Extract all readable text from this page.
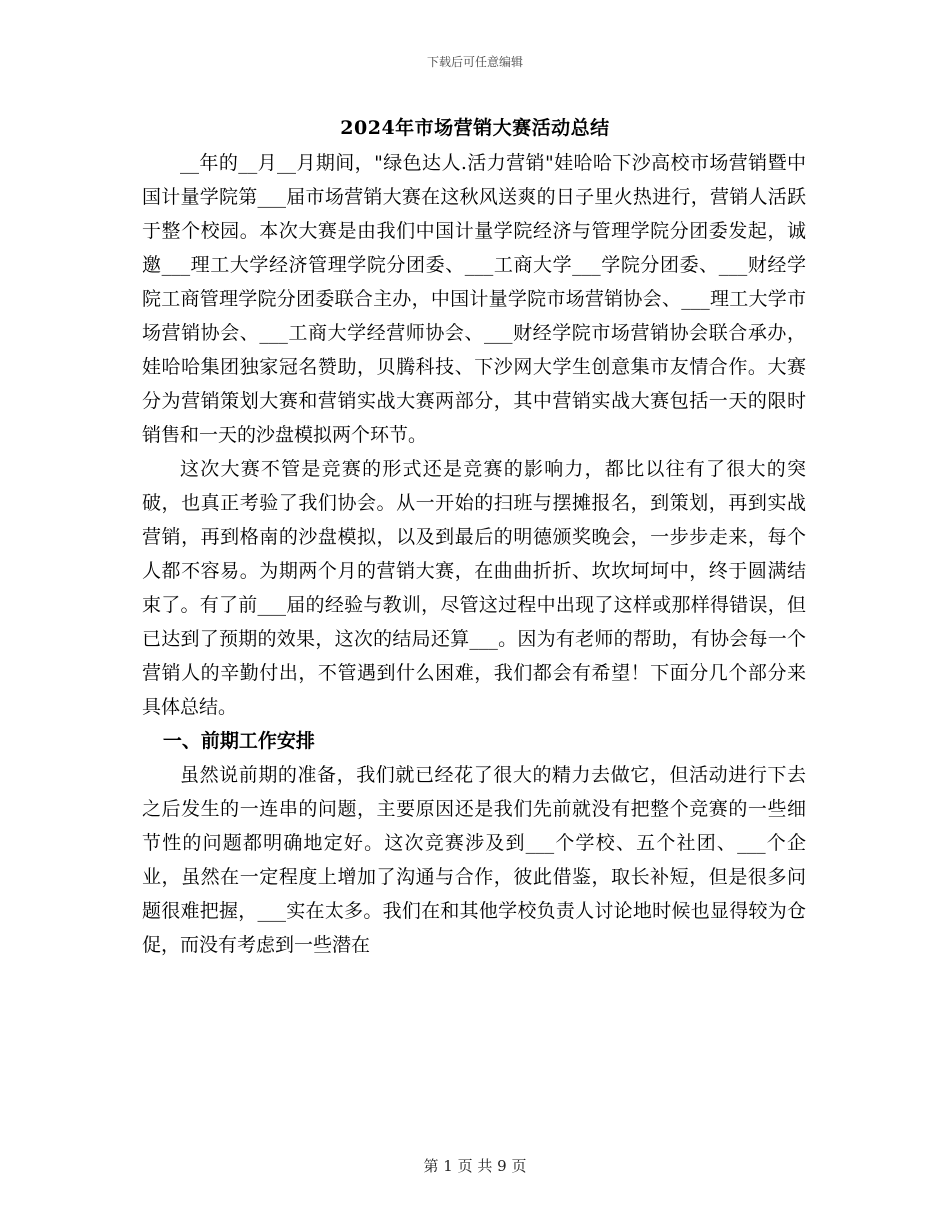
下载后可任意编辑
2024年市场营销大赛活动总结

__年的__月__月期间，"绿色达人.活力营销"娃哈哈下沙高校市场营销暨中国计量学院第___届市场营销大赛在这秋风送爽的日子里火热进行，营销人活跃于整个校园。本次大赛是由我们中国计量学院经济与管理学院分团委发起，诚邀___理工大学经济管理学院分团委、___工商大学___学院分团委、___财经学院工商管理学院分团委联合主办，中国计量学院市场营销协会、___理工大学市场营销协会、___工商大学经营师协会、___财经学院市场营销协会联合承办，娃哈哈集团独家冠名赞助，贝腾科技、下沙网大学生创意集市友情合作。大赛分为营销策划大赛和营销实战大赛两部分，其中营销实战大赛包括一天的限时销售和一天的沙盘模拟两个环节。

这次大赛不管是竞赛的形式还是竞赛的影响力，都比以往有了很大的突破，也真正考验了我们协会。从一开始的扫班与摆摊报名，到策划，再到实战营销，再到格南的沙盘模拟，以及到最后的明德颁奖晚会，一步步走来，每个人都不容易。为期两个月的营销大赛，在曲曲折折、坎坎坷坷中，终于圆满结束了。有了前___届的经验与教训，尽管这过程中出现了这样或那样得错误，但已达到了预期的效果，这次的结局还算___。因为有老师的帮助，有协会每一个营销人的辛勤付出，不管遇到什么困难，我们都会有希望！下面分几个部分来具体总结。

一、前期工作安排

虽然说前期的准备，我们就已经花了很大的精力去做它，但活动进行下去之后发生的一连串的问题，主要原因还是我们先前就没有把整个竞赛的一些细节性的问题都明确地定好。这次竞赛涉及到___个学校、五个社团、___个企业，虽然在一定程度上增加了沟通与合作，彼此借鉴，取长补短，但是很多问题很难把握，___实在太多。我们在和其他学校负责人讨论地时候也显得较为仓促，而没有考虑到一些潜在

第 1 页 共 9 页
